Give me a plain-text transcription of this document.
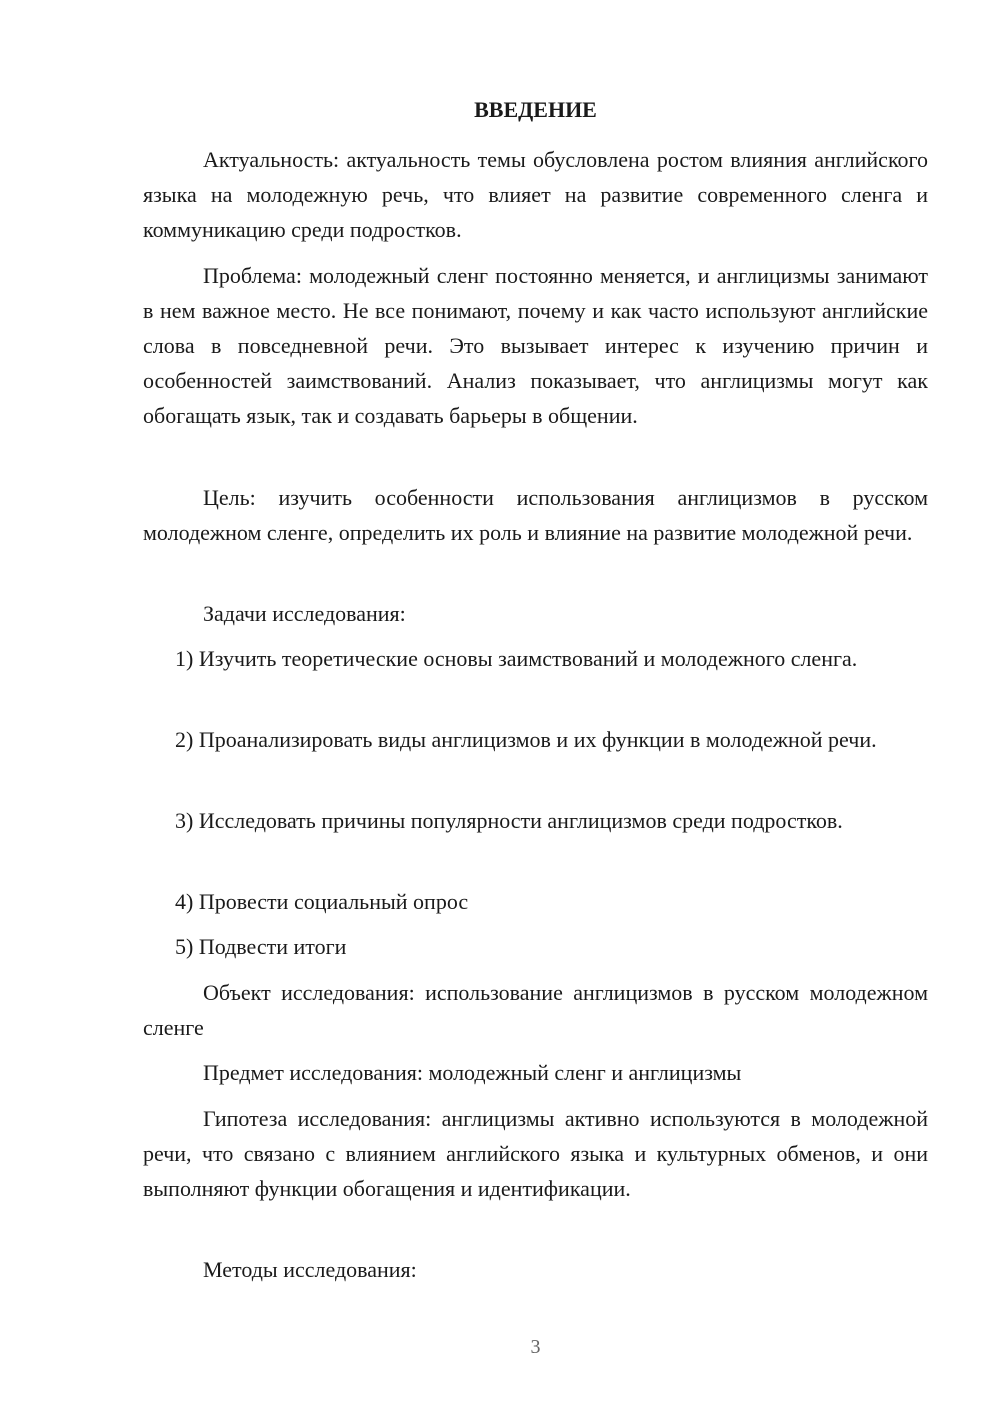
ВВЕДЕНИЕ

Актуальность: актуальность темы обусловлена ростом влияния английского языка на молодежную речь, что влияет на развитие современного сленга и коммуникацию среди подростков.

Проблема: молодежный сленг постоянно меняется, и англицизмы занимают в нем важное место. Не все понимают, почему и как часто используют английские слова в повседневной речи. Это вызывает интерес к изучению причин и особенностей заимствований. Анализ показывает, что англицизмы могут как обогащать язык, так и создавать барьеры в общении.

Цель: изучить особенности использования англицизмов в русском молодежном сленге, определить их роль и влияние на развитие молодежной речи.

Задачи исследования:

1) Изучить теоретические основы заимствований и молодежного сленга.

2) Проанализировать виды англицизмов и их функции в молодежной речи.

3) Исследовать причины популярности англицизмов среди подростков.

4) Провести социальный опрос

5) Подвести итоги

Объект исследования: использование англицизмов в русском молодежном сленге

Предмет исследования: молодежный сленг и англицизмы

Гипотеза исследования: англицизмы активно используются в молодежной речи, что связано с влиянием английского языка и культурных обменов, и они выполняют функции обогащения и идентификации.

Методы исследования:

3
